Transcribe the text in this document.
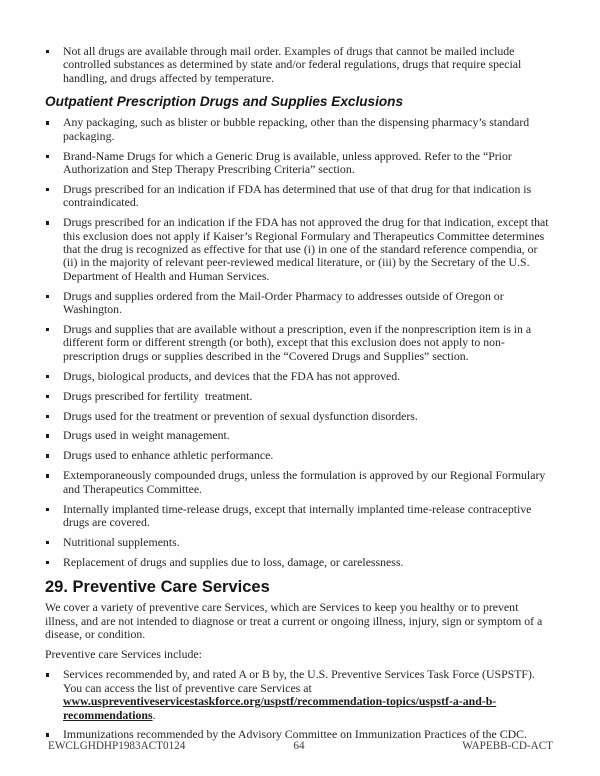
Not all drugs are available through mail order. Examples of drugs that cannot be mailed include controlled substances as determined by state and/or federal regulations, drugs that require special handling, and drugs affected by temperature.
Outpatient Prescription Drugs and Supplies Exclusions
Any packaging, such as blister or bubble repacking, other than the dispensing pharmacy’s standard packaging.
Brand-Name Drugs for which a Generic Drug is available, unless approved. Refer to the “Prior Authorization and Step Therapy Prescribing Criteria” section.
Drugs prescribed for an indication if FDA has determined that use of that drug for that indication is contraindicated.
Drugs prescribed for an indication if the FDA has not approved the drug for that indication, except that this exclusion does not apply if Kaiser’s Regional Formulary and Therapeutics Committee determines that the drug is recognized as effective for that use (i) in one of the standard reference compendia, or (ii) in the majority of relevant peer-reviewed medical literature, or (iii) by the Secretary of the U.S. Department of Health and Human Services.
Drugs and supplies ordered from the Mail-Order Pharmacy to addresses outside of Oregon or Washington.
Drugs and supplies that are available without a prescription, even if the nonprescription item is in a different form or different strength (or both), except that this exclusion does not apply to non-prescription drugs or supplies described in the “Covered Drugs and Supplies” section.
Drugs, biological products, and devices that the FDA has not approved.
Drugs prescribed for fertility  treatment.
Drugs used for the treatment or prevention of sexual dysfunction disorders.
Drugs used in weight management.
Drugs used to enhance athletic performance.
Extemporaneously compounded drugs, unless the formulation is approved by our Regional Formulary and Therapeutics Committee.
Internally implanted time-release drugs, except that internally implanted time-release contraceptive drugs are covered.
Nutritional supplements.
Replacement of drugs and supplies due to loss, damage, or carelessness.
29. Preventive Care Services

We cover a variety of preventive care Services, which are Services to keep you healthy or to prevent illness, and are not intended to diagnose or treat a current or ongoing illness, injury, sign or symptom of a disease, or condition.

Preventive care Services include:

Services recommended by, and rated A or B by, the U.S. Preventive Services Task Force (USPSTF). You can access the list of preventive care Services at www.uspreventiveservicestaskforce.org/uspstf/recommendation-topics/uspstf-a-and-b-recommendations.
Immunizations recommended by the Advisory Committee on Immunization Practices of the CDC.
EWCLGHDHP1983ACT0124	64	WAPEBB-CD-ACT
